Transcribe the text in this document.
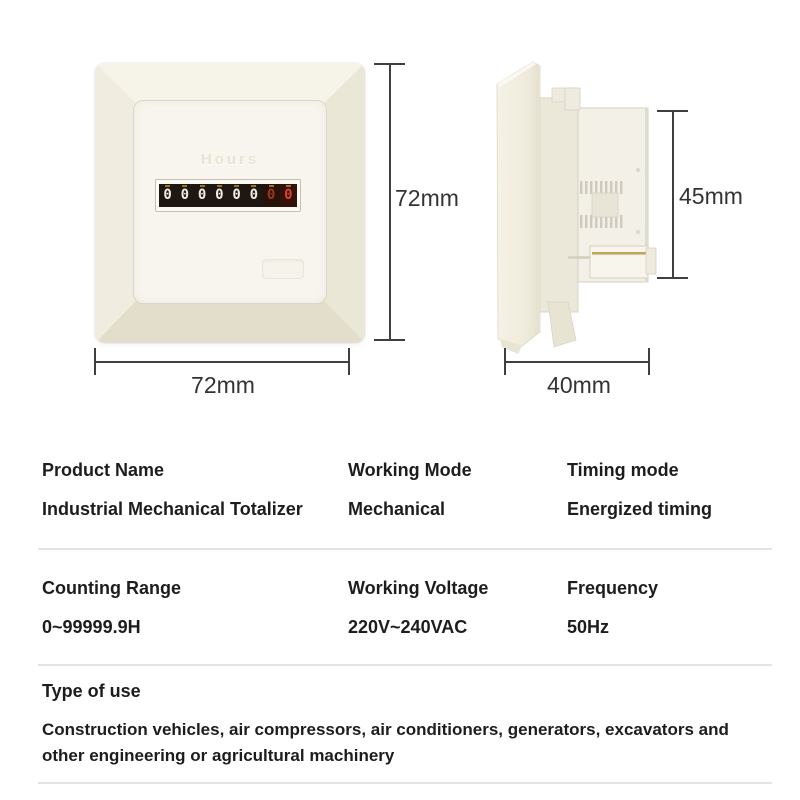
Hours
0 0 0 0 0 0 0 0	72mm
72mm
45mm
40mm
Product Name
Industrial Mechanical Totalizer
Working Mode
Mechanical
Timing mode
Energized timing
Counting Range
0~99999.9H
Working Voltage
220V~240VAC
Frequency
50Hz
Type of use
Construction vehicles, air compressors, air conditioners, generators, excavators and other engineering or agricultural machinery
